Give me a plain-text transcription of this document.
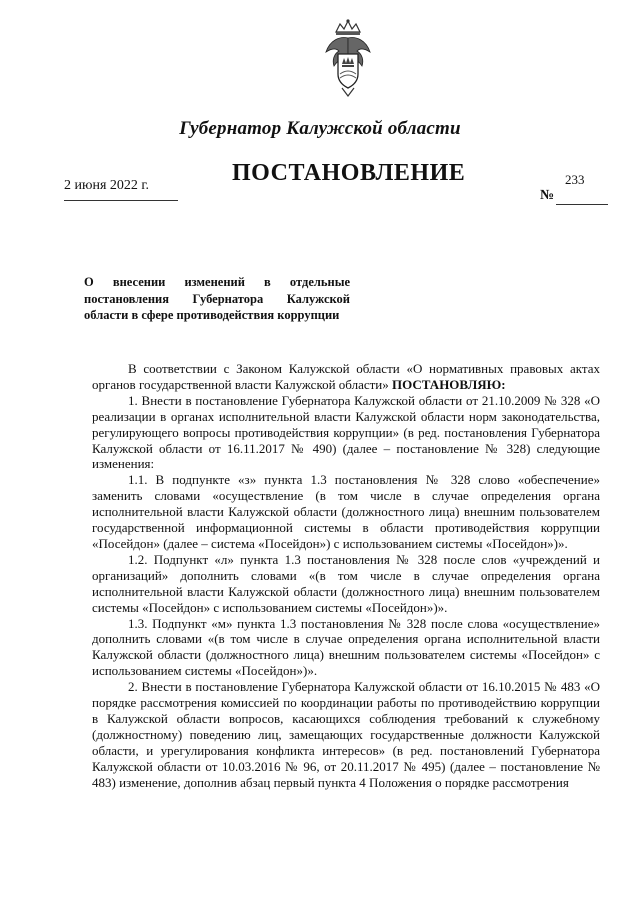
Губернатор Калужской области
ПОСТАНОВЛЕНИЕ
2 июня 2022 г.	233
№
О внесении изменений в отдельные постановления Губернатора Калужской области в сфере противодействия коррупции

В соответствии с Законом Калужской области «О нормативных правовых актах органов государственной власти Калужской области» ПОСТАНОВЛЯЮ:

1. Внести в постановление Губернатора Калужской области от 21.10.2009 № 328 «О реализации в органах исполнительной власти Калужской области норм законодательства, регулирующего вопросы противодействия коррупции» (в ред. постановления Губернатора Калужской области от 16.11.2017 № 490) (далее – постановление № 328) следующие изменения:

1.1. В подпункте «з» пункта 1.3 постановления № 328 слово «обеспечение» заменить словами «осуществление (в том числе в случае определения органа исполнительной власти Калужской области (должностного лица) внешним пользователем государственной информационной системы в области противодействия коррупции «Посейдон» (далее – система «Посейдон») с использованием системы «Посейдон»)».

1.2. Подпункт «л» пункта 1.3 постановления № 328 после слов «учреждений и организаций» дополнить словами «(в том числе в случае определения органа исполнительной власти Калужской области (должностного лица) внешним пользователем системы «Посейдон» с использованием системы «Посейдон»)».

1.3. Подпункт «м» пункта 1.3 постановления № 328 после слова «осуществление» дополнить словами «(в том числе в случае определения органа исполнительной власти Калужской области (должностного лица) внешним пользователем системы «Посейдон» с использованием системы «Посейдон»)».

2. Внести в постановление Губернатора Калужской области от 16.10.2015 № 483 «О порядке рассмотрения комиссией по координации работы по противодействию коррупции в Калужской области вопросов, касающихся соблюдения требований к служебному (должностному) поведению лиц, замещающих государственные должности Калужской области, и урегулирования конфликта интересов» (в ред. постановлений Губернатора Калужской области от 10.03.2016 № 96, от 20.11.2017 № 495) (далее – постановление № 483) изменение, дополнив абзац первый пункта 4 Положения о порядке рассмотрения
